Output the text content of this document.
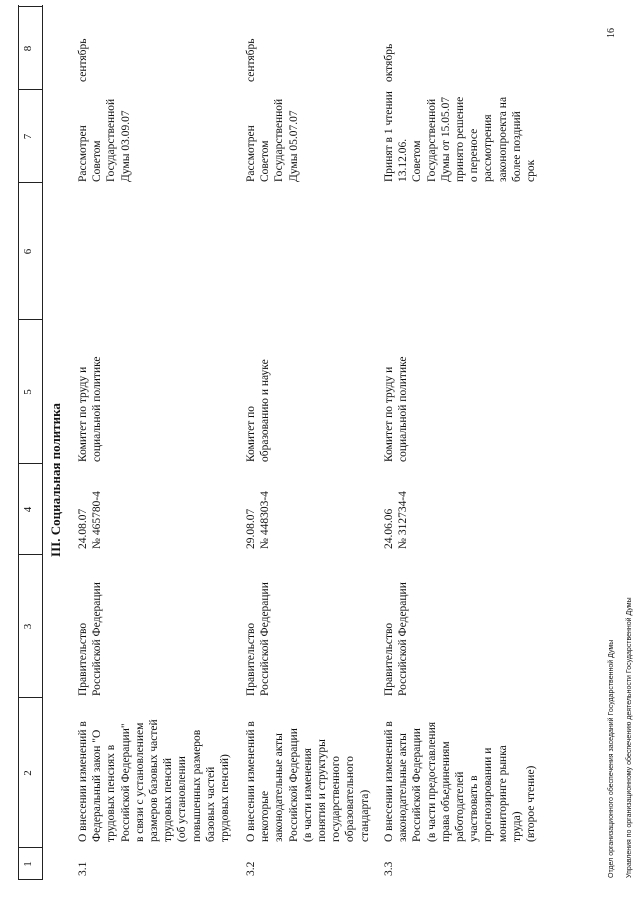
1
2
3
4
5
6
7
8
III. Социальная политика
3.1
О внесении изменений в
Федеральный закон "О
трудовых пенсиях в
Российской Федерации"
в связи с установлением
размеров базовых частей
трудовых пенсий
(об установлении
повышенных размеров
базовых частей
трудовых пенсий)
Правительство
Российской Федерации
24.08.07
№ 465780-4
Комитет по труду и
социальной политике
Рассмотрен
Советом
Государственной
Думы 03.09.07
сентябрь
3.2
О внесении изменений в
некоторые
законодательные акты
Российской Федерации
(в части изменения
понятия и структуры
государственного
образовательного
стандарта)
Правительство
Российской Федерации
29.08.07
№ 448303-4
Комитет по
образованию и науке
Рассмотрен
Советом
Государственной
Думы 05.07.07
сентябрь
3.3
О внесении изменений в
законодательные акты
Российской Федерации
(в части предоставления
права объединениям
работодателей
участвовать в
прогнозировании и
мониторинге рынка
труда)
(второе чтение)
Правительство
Российской Федерации
24.06.06
№ 312734-4
Комитет по труду и
социальной политике
Принят в 1 чтении
13.12.06.
Советом
Государственной
Думы от 15.05.07
принято решение
о переносе
рассмотрения
законопроекта на
более поздний
срок
октябрь

Отдел организационного обеспечения заседаний Государственной Думы Управления по организационному обеспечению деятельности Государственной Думы

16
